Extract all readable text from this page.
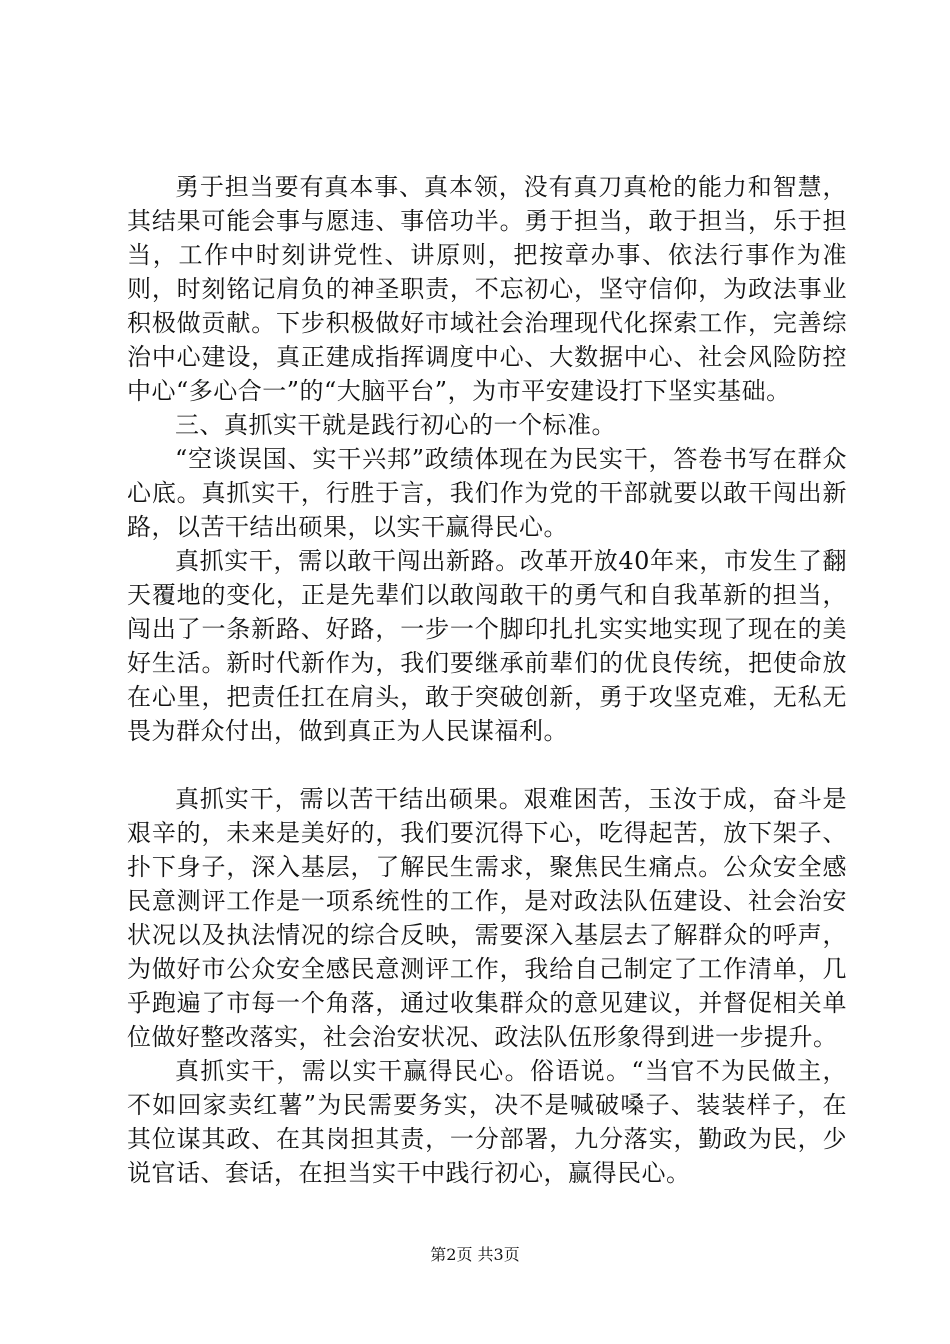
勇于担当要有真本事、真本领，没有真刀真枪的能力和智慧，其结果可能会事与愿违、事倍功半。勇于担当，敢于担当，乐于担当，工作中时刻讲党性、讲原则，把按章办事、依法行事作为准则，时刻铭记肩负的神圣职责，不忘初心，坚守信仰，为政法事业积极做贡献。下步积极做好市域社会治理现代化探索工作，完善综治中心建设，真正建成指挥调度中心、大数据中心、社会风险防控中心“多心合一”的“大脑平台”，为市平安建设打下坚实基础。

三、真抓实干就是践行初心的一个标准。

“空谈误国、实干兴邦”政绩体现在为民实干，答卷书写在群众心底。真抓实干，行胜于言，我们作为党的干部就要以敢干闯出新路，以苦干结出硕果，以实干赢得民心。

真抓实干，需以敢干闯出新路。改革开放40年来，市发生了翻天覆地的变化，正是先辈们以敢闯敢干的勇气和自我革新的担当，闯出了一条新路、好路，一步一个脚印扎扎实实地实现了现在的美好生活。新时代新作为，我们要继承前辈们的优良传统，把使命放在心里，把责任扛在肩头，敢于突破创新，勇于攻坚克难，无私无畏为群众付出，做到真正为人民谋福利。

真抓实干，需以苦干结出硕果。艰难困苦，玉汝于成，奋斗是艰辛的，未来是美好的，我们要沉得下心，吃得起苦，放下架子、扑下身子，深入基层，了解民生需求，聚焦民生痛点。公众安全感民意测评工作是一项系统性的工作，是对政法队伍建设、社会治安状况以及执法情况的综合反映，需要深入基层去了解群众的呼声，为做好市公众安全感民意测评工作，我给自己制定了工作清单，几乎跑遍了市每一个角落，通过收集群众的意见建议，并督促相关单位做好整改落实，社会治安状况、政法队伍形象得到进一步提升。

真抓实干，需以实干赢得民心。俗语说。“当官不为民做主，不如回家卖红薯”为民需要务实，决不是喊破嗓子、装装样子，在其位谋其政、在其岗担其责，一分部署，九分落实，勤政为民，少说官话、套话，在担当实干中践行初心，赢得民心。

第2页 共3页
